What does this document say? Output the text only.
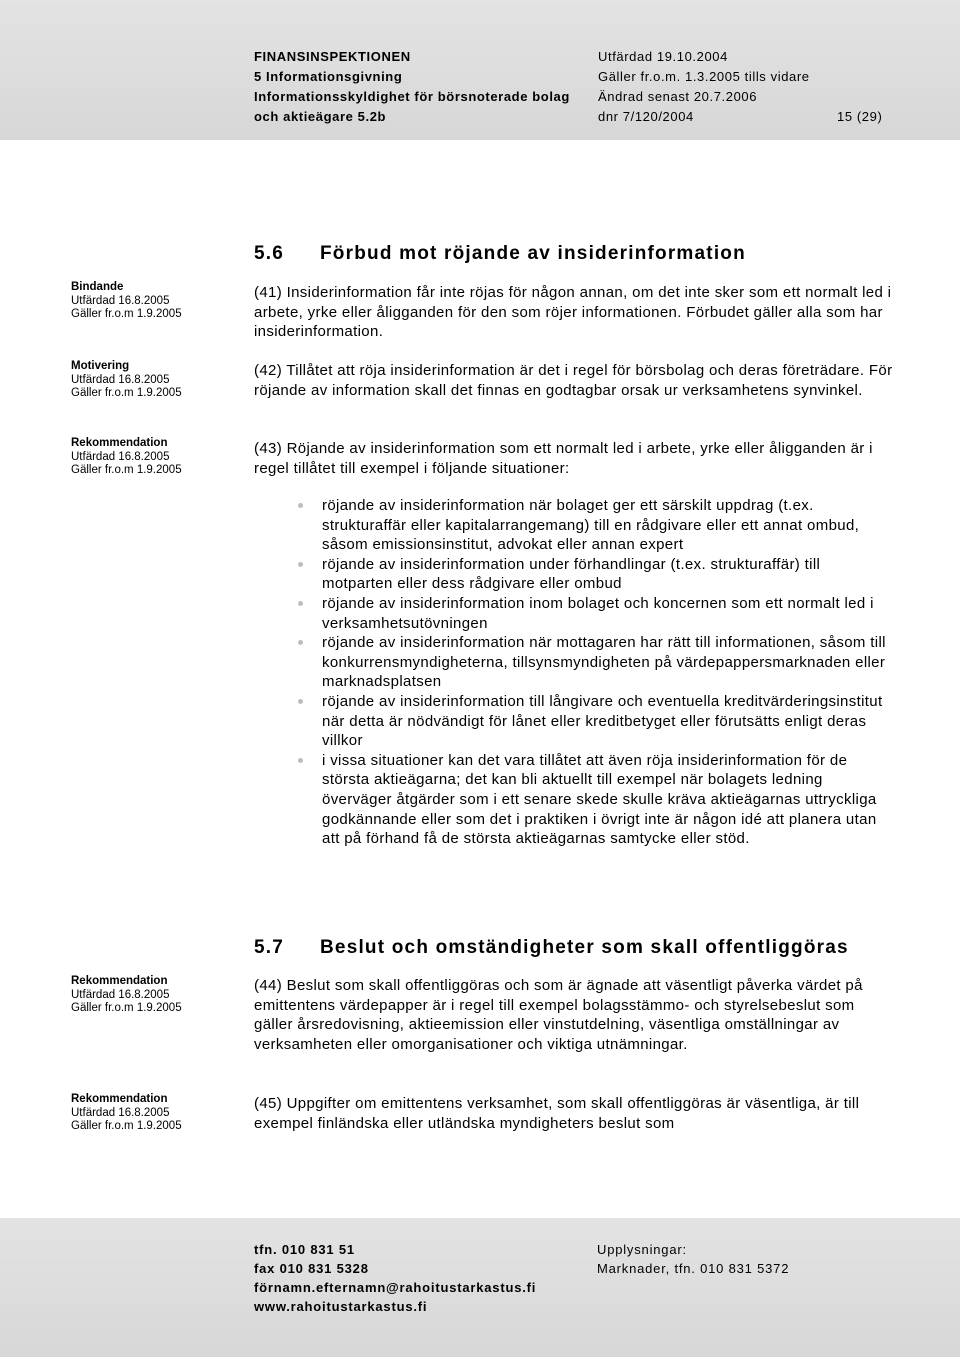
FINANSINSPEKTIONEN
5 Informationsgivning
Informationsskyldighet för börsnoterade bolag
och aktieägare 5.2b
Utfärdad 19.10.2004
Gäller fr.o.m. 1.3.2005 tills vidare
Ändrad senast 20.7.2006
dnr 7/120/2004	15 (29)
5.6 Förbud mot röjande av insiderinformation
Bindande
Utfärdad 16.8.2005
Gäller fr.o.m 1.9.2005
Motivering
Utfärdad 16.8.2005
Gäller fr.o.m 1.9.2005
Rekommendation
Utfärdad 16.8.2005
Gäller fr.o.m 1.9.2005
Rekommendation
Utfärdad 16.8.2005
Gäller fr.o.m 1.9.2005
Rekommendation
Utfärdad 16.8.2005
Gäller fr.o.m 1.9.2005
(41) Insiderinformation får inte röjas för någon annan, om det inte sker som ett normalt led i arbete, yrke eller åligganden för den som röjer informationen. Förbudet gäller alla som har insiderinformation.
(42) Tillåtet att röja insiderinformation är det i regel för börsbolag och deras företrädare. För röjande av information skall det finnas en godtagbar orsak ur verksamhetens synvinkel.
(43) Röjande av insiderinformation som ett normalt led i arbete, yrke eller åligganden är i regel tillåtet till exempel i följande situationer:
röjande av insiderinformation när bolaget ger ett särskilt uppdrag (t.ex. strukturaffär eller kapitalarrangemang) till en rådgivare eller ett annat ombud, såsom emissionsinstitut, advokat eller annan expert
röjande av insiderinformation under förhandlingar (t.ex. strukturaffär) till motparten eller dess rådgivare eller ombud
röjande av insiderinformation inom bolaget och koncernen som ett normalt led i verksamhetsutövningen
röjande av insiderinformation när mottagaren har rätt till informationen, såsom till konkurrensmyndigheterna, tillsynsmyndigheten på värdepappersmarknaden eller marknadsplatsen
röjande av insiderinformation till långivare och eventuella kreditvärderingsinstitut när detta är nödvändigt för lånet eller kreditbetyget eller förutsätts enligt deras villkor
i vissa situationer kan det vara tillåtet att även röja insiderinformation för de största aktieägarna; det kan bli aktuellt till exempel när bolagets ledning överväger åtgärder som i ett senare skede skulle kräva aktieägarnas uttryckliga godkännande eller som det i praktiken i övrigt inte är någon idé att planera utan att på förhand få de största aktieägarnas samtycke eller stöd.
5.7 Beslut och omständigheter som skall offentliggöras
(44) Beslut som skall offentliggöras och som är ägnade att väsentligt påverka värdet på emittentens värdepapper är i regel till exempel bolagsstämmo- och styrelsebeslut som gäller årsredovisning, aktieemission eller vinstutdelning, väsentliga omställningar av verksamheten eller omorganisationer och viktiga utnämningar.
(45) Uppgifter om emittentens verksamhet, som skall offentliggöras är väsentliga, är till exempel finländska eller utländska myndigheters beslut som
tfn. 010 831 51
fax 010 831 5328
förnamn.efternamn@rahoitustarkastus.fi
www.rahoitustarkastus.fi
Upplysningar:
Marknader, tfn. 010 831 5372
